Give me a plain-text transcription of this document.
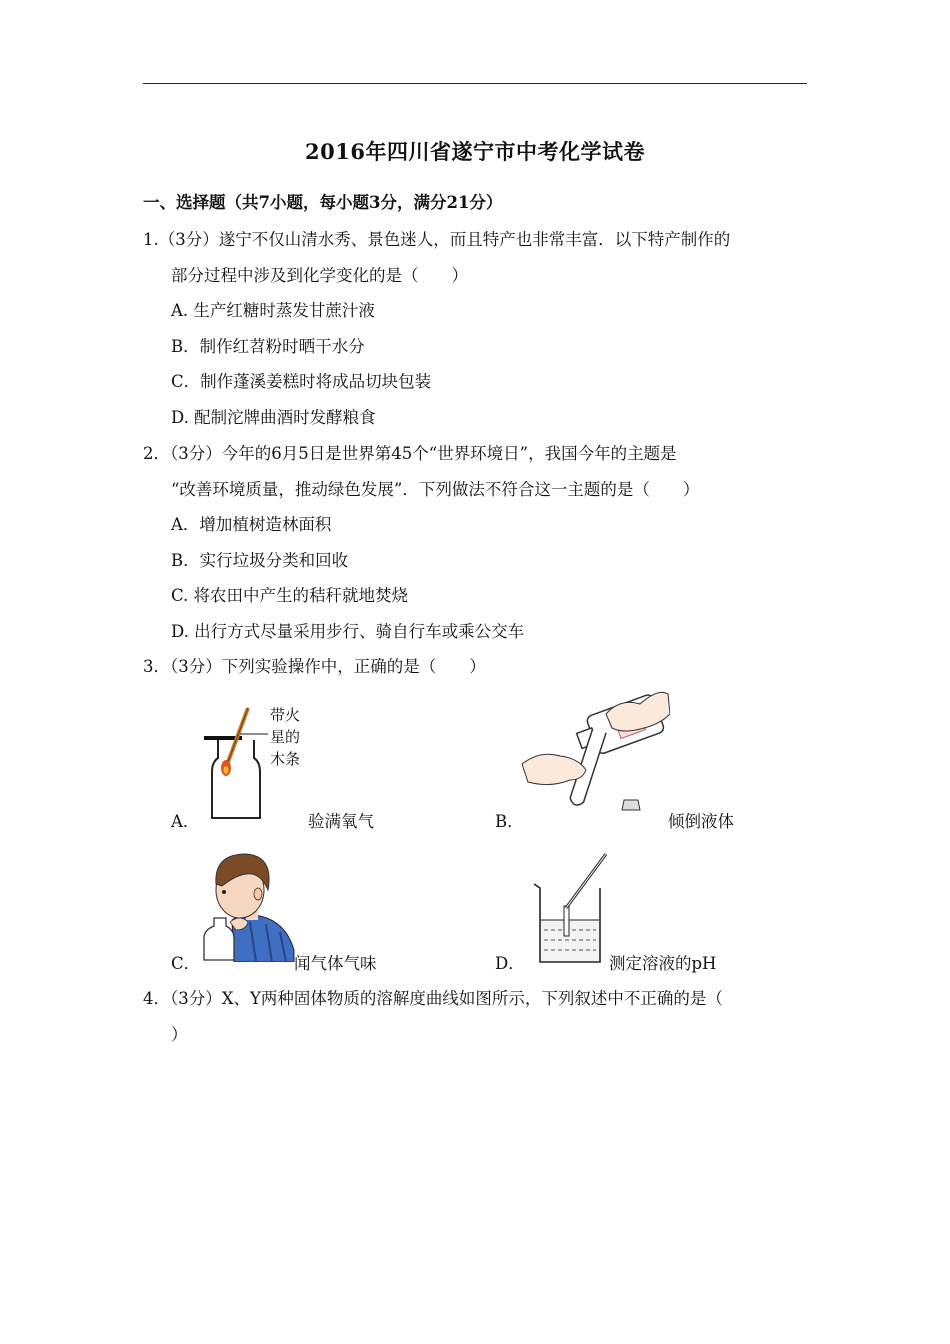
2016年四川省遂宁市中考化学试卷
一、选择题（共7小题，每小题3分，满分21分）
1.（3分）遂宁不仅山清水秀、景色迷人，而且特产也非常丰富．以下特产制作的
部分过程中涉及到化学变化的是（　　）
A. 生产红糖时蒸发甘蔗汁液
B．制作红苕粉时晒干水分
C．制作蓬溪姜糕时将成品切块包装
D. 配制沱牌曲酒时发酵粮食
2．（3分）今年的6月5日是世界第45个“世界环境日”，我国今年的主题是
“改善环境质量，推动绿色发展”．下列做法不符合这一主题的是（　　）
A．增加植树造林面积
B．实行垃圾分类和回收
C. 将农田中产生的秸秆就地焚烧
D. 出行方式尽量采用步行、骑自行车或乘公交车
3．（3分）下列实验操作中，正确的是（　　）
带火
星的
木条
A．	验满氧气	B．	倾倒液体
C．	闻气体气味	D．	测定溶液的pH
4．（3分）X、Y两种固体物质的溶解度曲线如图所示，下列叙述中不正确的是（
）
